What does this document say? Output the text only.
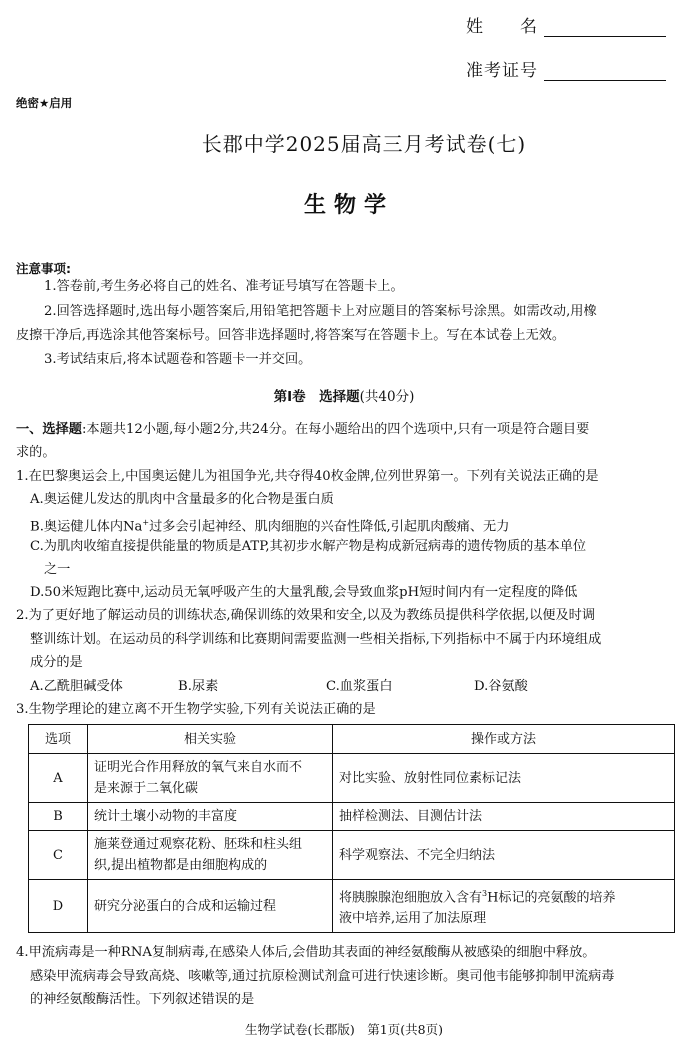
姓　　名
准考证号
绝密★启用
长郡中学2025届高三月考试卷(七)
生物学
注意事项:
1.答卷前,考生务必将自己的姓名、准考证号填写在答题卡上。
2.回答选择题时,选出每小题答案后,用铅笔把答题卡上对应题目的答案标号涂黑。如需改动,用橡
皮擦干净后,再选涂其他答案标号。回答非选择题时,将答案写在答题卡上。写在本试卷上无效。
3.考试结束后,将本试题卷和答题卡一并交回。
第Ⅰ卷　选择题(共40分)
一、选择题:本题共12小题,每小题2分,共24分。在每小题给出的四个选项中,只有一项是符合题目要
求的。
1.在巴黎奥运会上,中国奥运健儿为祖国争光,共夺得40枚金牌,位列世界第一。下列有关说法正确的是
A.奥运健儿发达的肌肉中含量最多的化合物是蛋白质
B.奥运健儿体内Na+过多会引起神经、肌肉细胞的兴奋性降低,引起肌肉酸痛、无力
C.为肌肉收缩直接提供能量的物质是ATP,其初步水解产物是构成新冠病毒的遗传物质的基本单位
之一
D.50米短跑比赛中,运动员无氧呼吸产生的大量乳酸,会导致血浆pH短时间内有一定程度的降低
2.为了更好地了解运动员的训练状态,确保训练的效果和安全,以及为教练员提供科学依据,以便及时调
整训练计划。在运动员的科学训练和比赛期间需要监测一些相关指标,下列指标中不属于内环境组成
成分的是
A.乙酰胆碱受体	B.尿素	C.血浆蛋白	D.谷氨酸
3.生物学理论的建立离不开生物学实验,下列有关说法正确的是
选项	相关实验	操作或方法
A	证明光合作用释放的氧气来自水而不
是来源于二氧化碳	对比实验、放射性同位素标记法
B	统计土壤小动物的丰富度	抽样检测法、目测估计法
C	施莱登通过观察花粉、胚珠和柱头组
织,提出植物都是由细胞构成的	科学观察法、不完全归纳法
D	研究分泌蛋白的合成和运输过程	将胰腺腺泡细胞放入含有$^3$H标记的亮氨酸的培养
液中培养,运用了加法原理
4.甲流病毒是一种RNA复制病毒,在感染人体后,会借助其表面的神经氨酸酶从被感染的细胞中释放。
感染甲流病毒会导致高烧、咳嗽等,通过抗原检测试剂盒可进行快速诊断。奥司他韦能够抑制甲流病毒
的神经氨酸酶活性。下列叙述错误的是
生物学试卷(长郡版)　第1页(共8页)
